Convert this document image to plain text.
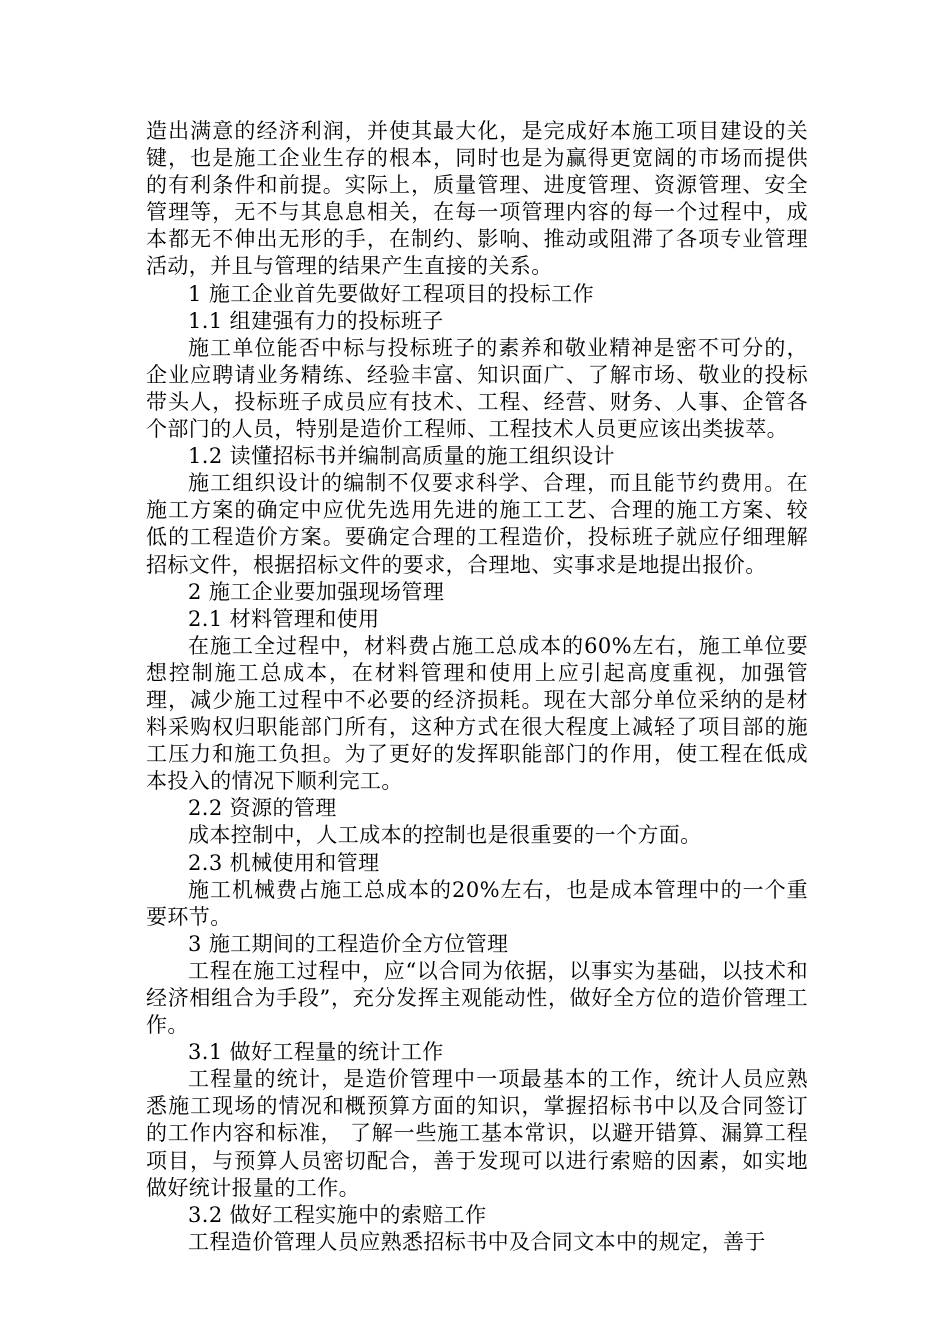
造出满意的经济利润，并使其最大化，是完成好本施工项目建设的关键，也是施工企业生存的根本，同时也是为赢得更宽阔的市场而提供的有利条件和前提。实际上，质量管理、进度管理、资源管理、安全管理等，无不与其息息相关，在每一项管理内容的每一个过程中，成本都无不伸出无形的手，在制约、影响、推动或阻滞了各项专业管理活动，并且与管理的结果产生直接的关系。

1 施工企业首先要做好工程项目的投标工作

1.1 组建强有力的投标班子

施工单位能否中标与投标班子的素养和敬业精神是密不可分的，企业应聘请业务精练、经验丰富、知识面广、了解市场、敬业的投标带头人，投标班子成员应有技术、工程、经营、财务、人事、企管各个部门的人员，特别是造价工程师、工程技术人员更应该出类拔萃。

1.2 读懂招标书并编制高质量的施工组织设计

施工组织设计的编制不仅要求科学、合理，而且能节约费用。在施工方案的确定中应优先选用先进的施工工艺、合理的施工方案、较低的工程造价方案。要确定合理的工程造价，投标班子就应仔细理解招标文件，根据招标文件的要求，合理地、实事求是地提出报价。

2 施工企业要加强现场管理

2.1 材料管理和使用

在施工全过程中，材料费占施工总成本的60%左右，施工单位要想控制施工总成本，在材料管理和使用上应引起高度重视，加强管理，减少施工过程中不必要的经济损耗。现在大部分单位采纳的是材料采购权归职能部门所有，这种方式在很大程度上减轻了项目部的施工压力和施工负担。为了更好的发挥职能部门的作用，使工程在低成本投入的情况下顺利完工。

2.2 资源的管理

成本控制中，人工成本的控制也是很重要的一个方面。

2.3 机械使用和管理

施工机械费占施工总成本的20%左右，也是成本管理中的一个重要环节。

3 施工期间的工程造价全方位管理

工程在施工过程中，应“以合同为依据，以事实为基础，以技术和经济相组合为手段”，充分发挥主观能动性，做好全方位的造价管理工作。

3.1 做好工程量的统计工作

工程量的统计，是造价管理中一项最基本的工作，统计人员应熟悉施工现场的情况和概预算方面的知识，掌握招标书中以及合同签订的工作内容和标准， 了解一些施工基本常识，以避开错算、漏算工程项目，与预算人员密切配合，善于发现可以进行索赔的因素，如实地做好统计报量的工作。

3.2 做好工程实施中的索赔工作

工程造价管理人员应熟悉招标书中及合同文本中的规定，善于
